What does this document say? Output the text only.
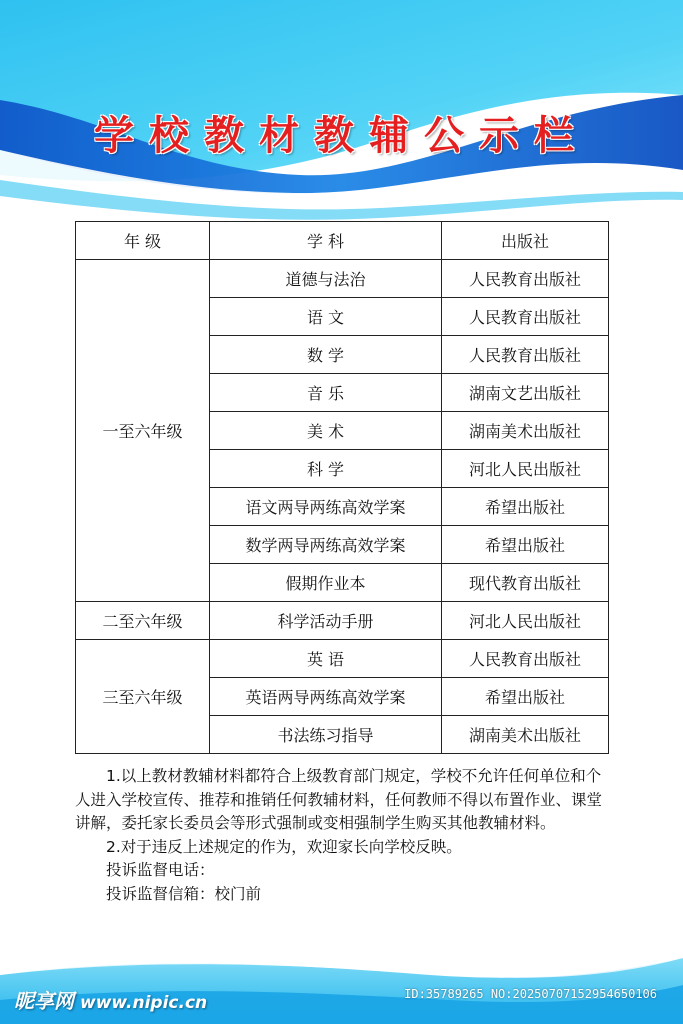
学校教材教辅公示栏
年 级	学 科	出版社
一至六年级	道德与法治	人民教育出版社
	语 文	人民教育出版社
	数 学	人民教育出版社
	音 乐	湖南文艺出版社
	美 术	湖南美术出版社
	科 学	河北人民出版社
	语文两导两练高效学案	希望出版社
	数学两导两练高效学案	希望出版社
	假期作业本	现代教育出版社
二至六年级	科学活动手册	河北人民出版社
三至六年级	英 语	人民教育出版社
	英语两导两练高效学案	希望出版社
	书法练习指导	湖南美术出版社

1.以上教材教辅材料都符合上级教育部门规定，学校不允许任何单位和个人进入学校宣传、推荐和推销任何教辅材料，任何教师不得以布置作业、课堂讲解，委托家长委员会等形式强制或变相强制学生购买其他教辅材料。

2.对于违反上述规定的作为，欢迎家长向学校反映。

投诉监督电话：

投诉监督信箱：校门前

昵享网 www.nipic.cn	ID:35789265 NO:20250707152954650106
